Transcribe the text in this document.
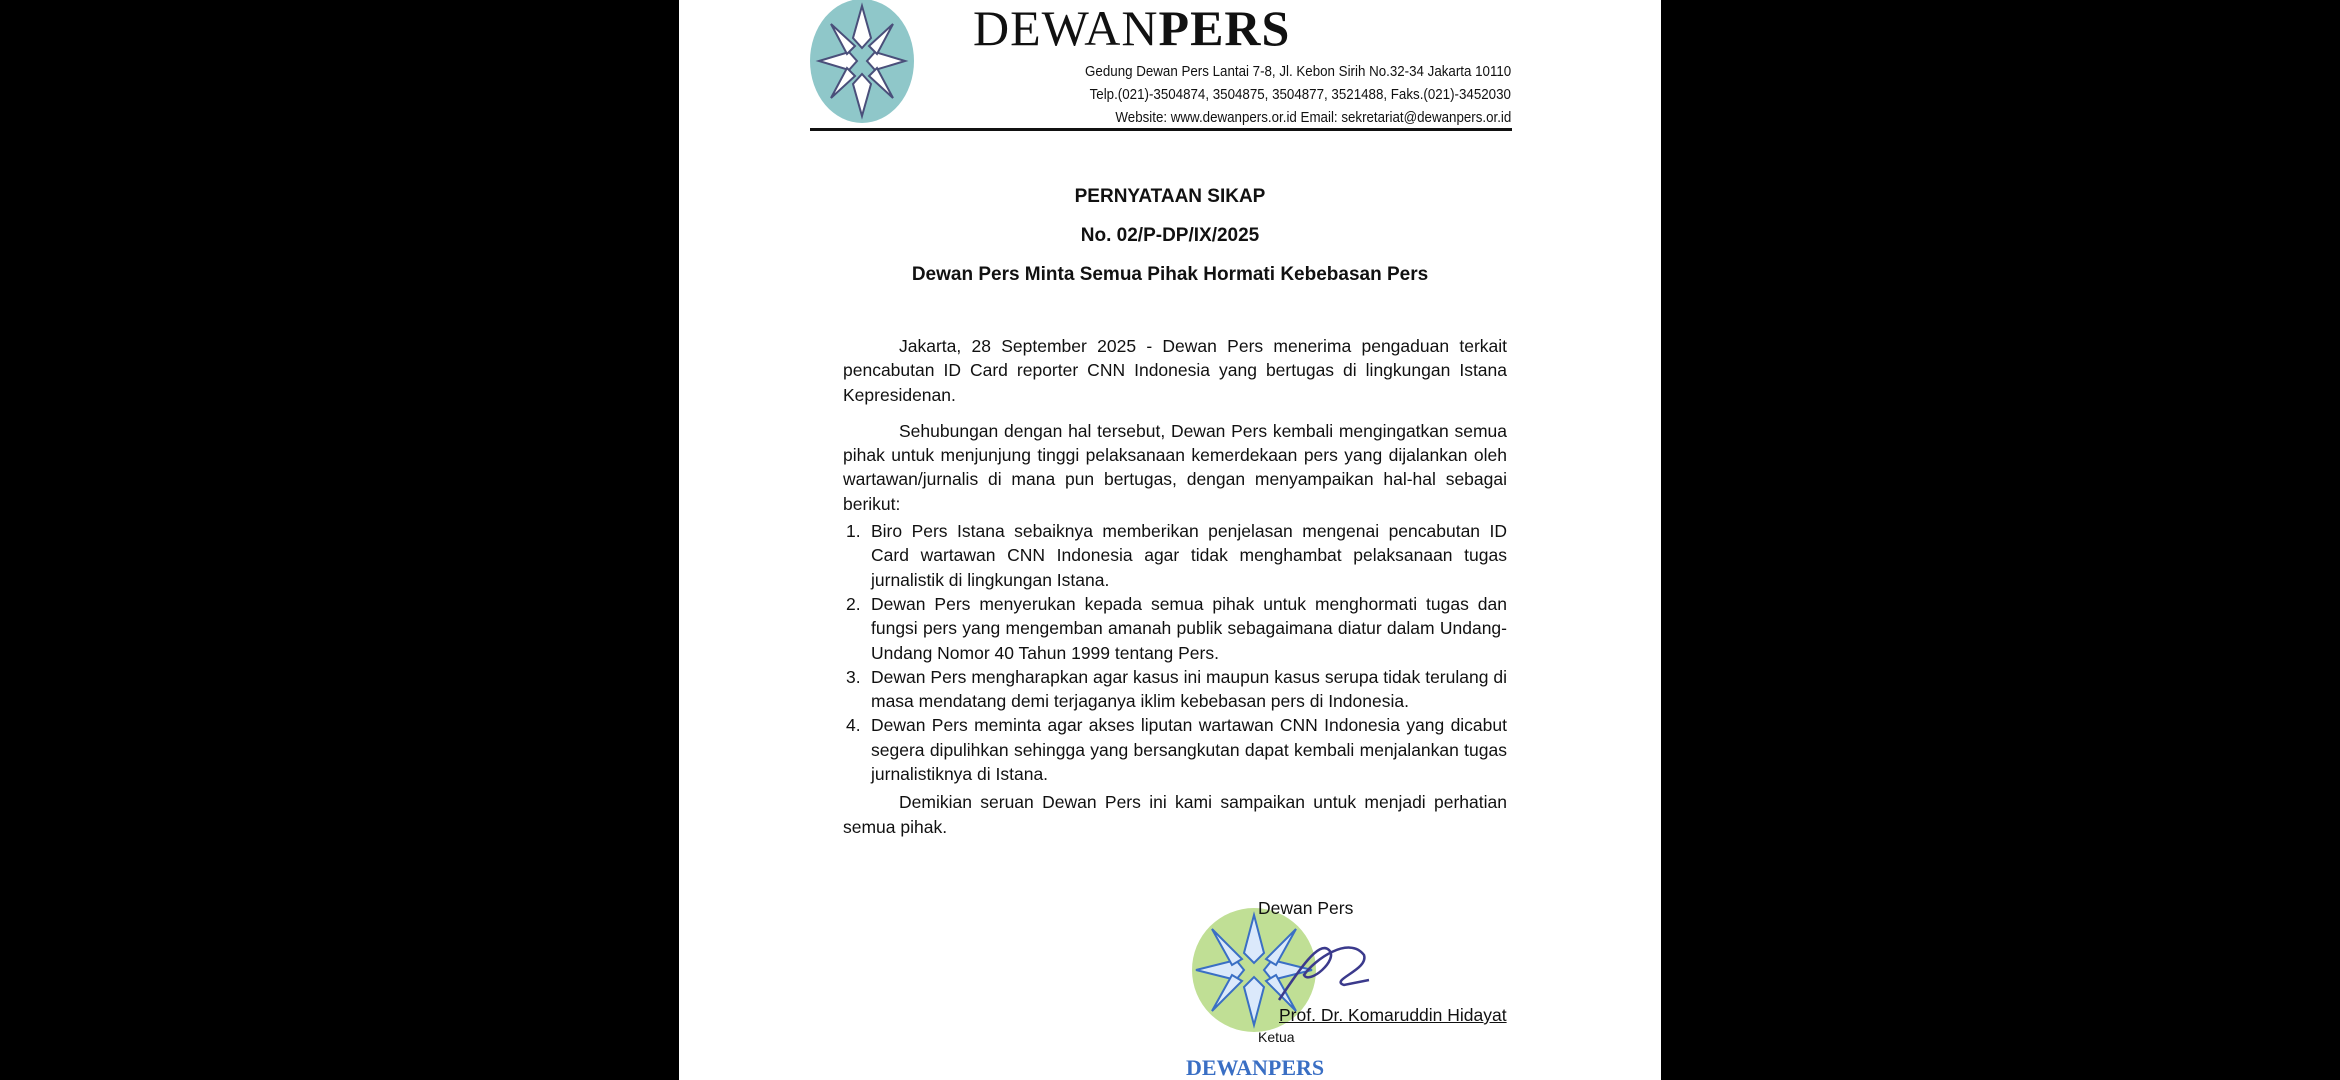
DEWANPERS
Gedung Dewan Pers Lantai 7-8, Jl. Kebon Sirih No.32-34 Jakarta 10110
Telp.(021)-3504874, 3504875, 3504877, 3521488, Faks.(021)-3452030
Website: www.dewanpers.or.id Email: sekretariat@dewanpers.or.id
PERNYATAAN SIKAP
No. 02/P-DP/IX/2025
Dewan Pers Minta Semua Pihak Hormati Kebebasan Pers

Jakarta, 28 September 2025 - Dewan Pers menerima pengaduan terkait pencabutan ID Card reporter CNN Indonesia yang bertugas di lingkungan Istana Kepresidenan.

Sehubungan dengan hal tersebut, Dewan Pers kembali mengingatkan semua pihak untuk menjunjung tinggi pelaksanaan kemerdekaan pers yang dijalankan oleh wartawan/jurnalis di mana pun bertugas, dengan menyampaikan hal-hal sebagai berikut:

1. Biro Pers Istana sebaiknya memberikan penjelasan mengenai pencabutan ID Card wartawan CNN Indonesia agar tidak menghambat pelaksanaan tugas jurnalistik di lingkungan Istana.
2. Dewan Pers menyerukan kepada semua pihak untuk menghormati tugas dan fungsi pers yang mengemban amanah publik sebagaimana diatur dalam Undang-Undang Nomor 40 Tahun 1999 tentang Pers.
3. Dewan Pers mengharapkan agar kasus ini maupun kasus serupa tidak terulang di masa mendatang demi terjaganya iklim kebebasan pers di Indonesia.
4. Dewan Pers meminta agar akses liputan wartawan CNN Indonesia yang dicabut segera dipulihkan sehingga yang bersangkutan dapat kembali menjalankan tugas jurnalistiknya di Istana.

Demikian seruan Dewan Pers ini kami sampaikan untuk menjadi perhatian semua pihak.

DEWANPERS
Dewan Pers
Prof. Dr. Komaruddin Hidayat
Ketua
